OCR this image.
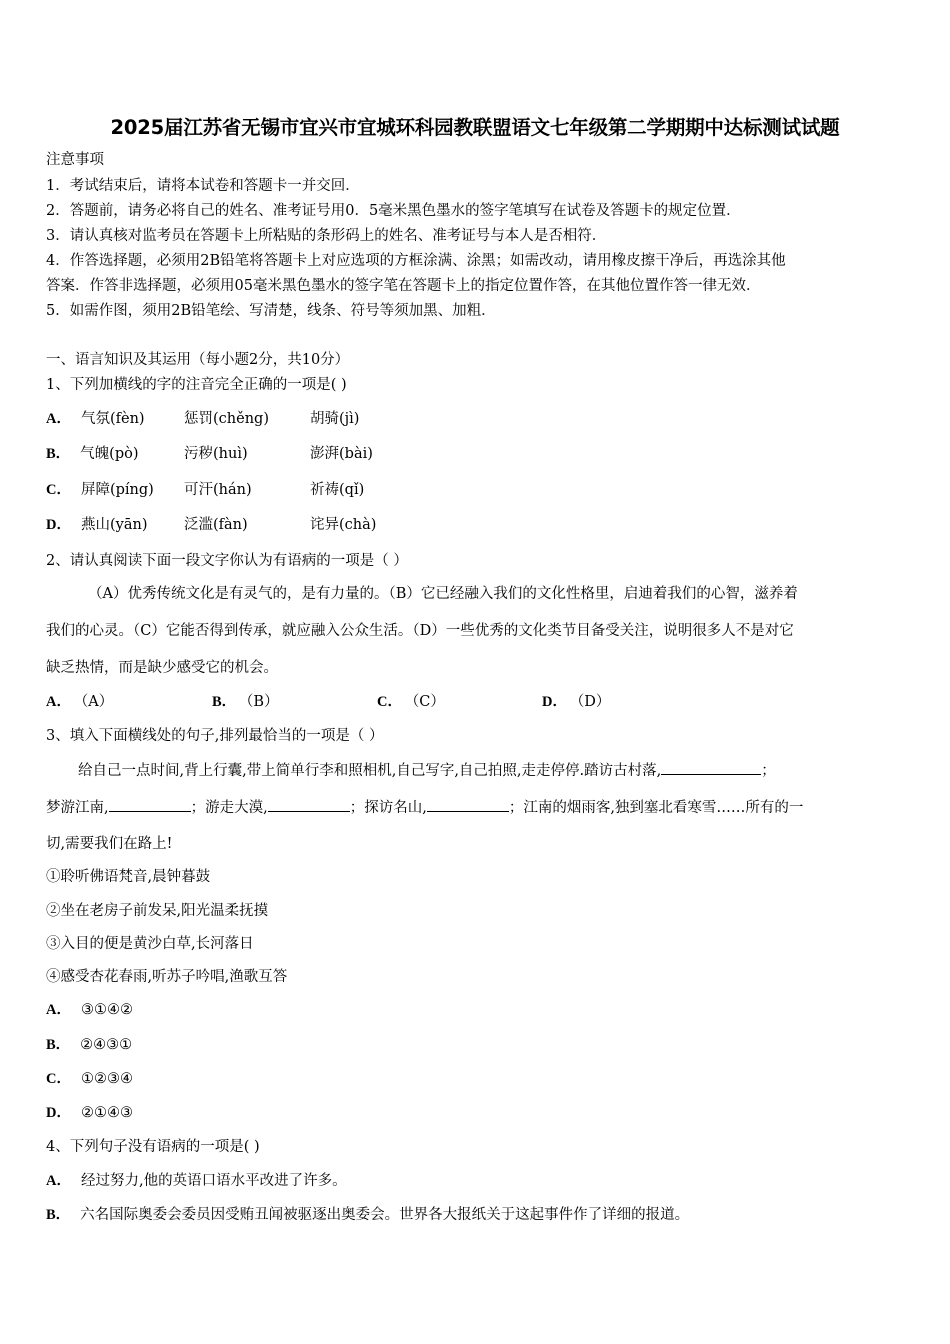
2025届江苏省无锡市宜兴市宜城环科园教联盟语文七年级第二学期期中达标测试试题
注意事项
1．考试结束后，请将本试卷和答题卡一并交回．
2．答题前，请务必将自己的姓名、准考证号用0．5毫米黑色墨水的签字笔填写在试卷及答题卡的规定位置．
3．请认真核对监考员在答题卡上所粘贴的条形码上的姓名、准考证号与本人是否相符．
4．作答选择题，必须用2B铅笔将答题卡上对应选项的方框涂满、涂黑；如需改动，请用橡皮擦干净后，再选涂其他
答案．作答非选择题，必须用05毫米黑色墨水的签字笔在答题卡上的指定位置作答，在其他位置作答一律无效．
5．如需作图，须用2B铅笔绘、写清楚，线条、符号等须加黑、加粗．
一、语言知识及其运用（每小题2分，共10分）
1、下列加横线的字的注音完全正确的一项是( )
A． 气氛(fèn)	惩罚(chěng)	胡骑(jì)
B． 气魄(pò)	污秽(huì)	澎湃(bài)
C． 屏障(píng) 可汗(hán)	祈祷(qǐ)
D． 燕山(yān)	泛滥(fàn)	诧异(chà)
2、请认真阅读下面一段文字你认为有语病的一项是（ ）
（A）优秀传统文化是有灵气的，是有力量的。（B）它已经融入我们的文化性格里，启迪着我们的心智，滋养着
我们的心灵。（C）它能否得到传承，就应融入公众生活。（D）一些优秀的文化类节目备受关注，说明很多人不是对它
缺乏热情，而是缺少感受它的机会。
A． （A）	B． （B）	C． （C）	D． （D）
3、填入下面横线处的句子,排列最恰当的一项是（ ）
给自己一点时间,背上行囊,带上简单行李和照相机,自己写字,自己拍照,走走停停.踏访古村落,	；
梦游江南,	；游走大漠,	；探访名山,	；江南的烟雨客,独到塞北看寒雪……所有的一
切,需要我们在路上!
①聆听佛语梵音,晨钟暮鼓
②坐在老房子前发呆,阳光温柔抚摸
③入目的便是黄沙白草,长河落日
④感受杏花春雨,听苏子吟唱,渔歌互答
A． ③①④②
B． ②④③①
C． ①②③④
D． ②①④③
4、下列句子没有语病的一项是( )
A． 经过努力,他的英语口语水平改进了许多。
B． 六名国际奥委会委员因受贿丑闻被驱逐出奥委会。世界各大报纸关于这起事件作了详细的报道。
